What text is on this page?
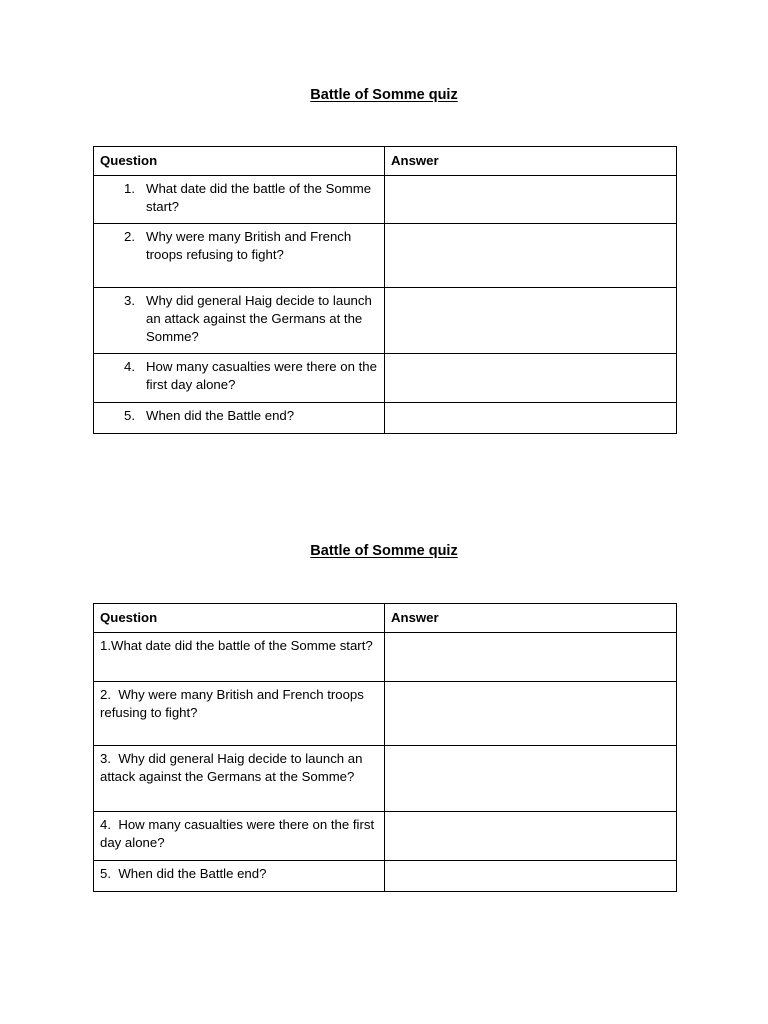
Battle of Somme quiz
Question	Answer

1. What date did the battle of the Somme start?	

2. Why were many British and French troops refusing to fight?	

3. Why did general Haig decide to launch an attack against the Germans at the Somme?	

4. How many casualties were there on the first day alone?	

5. When did the Battle end?	

Battle of Somme quiz
Question	Answer

1.What date did the battle of the Somme start?	

2.  Why were many British and French troops refusing to fight?	

3.  Why did general Haig decide to launch an attack against the Germans at the Somme?	

4.  How many casualties were there on the first day alone?	

5.  When did the Battle end?	
